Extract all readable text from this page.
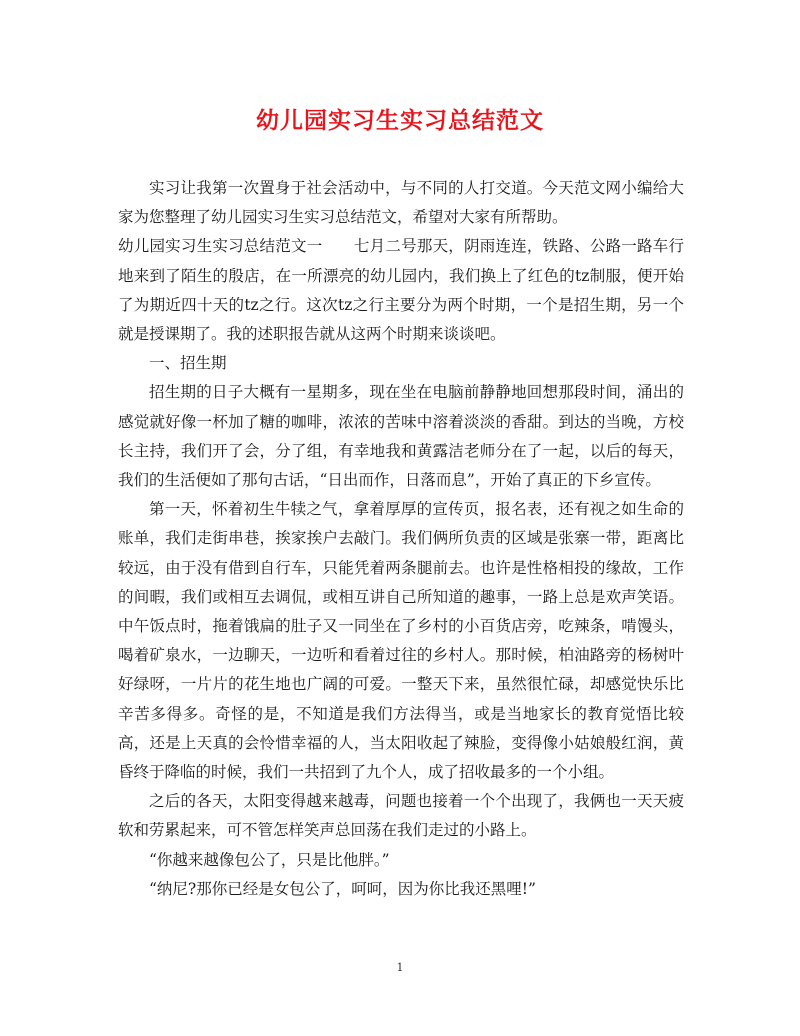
幼儿园实习生实习总结范文

实习让我第一次置身于社会活动中，与不同的人打交道。今天范文网小编给大家为您整理了幼儿园实习生实习总结范文，希望对大家有所帮助。

幼儿园实习生实习总结范文一　　七月二号那天，阴雨连连，铁路、公路一路车行地来到了陌生的殷店，在一所漂亮的幼儿园内，我们换上了红色的tz制服，便开始了为期近四十天的tz之行。这次tz之行主要分为两个时期，一个是招生期，另一个就是授课期了。我的述职报告就从这两个时期来谈谈吧。

一、招生期

招生期的日子大概有一星期多，现在坐在电脑前静静地回想那段时间，涌出的感觉就好像一杯加了糖的咖啡，浓浓的苦味中溶着淡淡的香甜。到达的当晚，方校长主持，我们开了会，分了组，有幸地我和黄露洁老师分在了一起，以后的每天，我们的生活便如了那句古话，“日出而作，日落而息”，开始了真正的下乡宣传。

第一天，怀着初生牛犊之气，拿着厚厚的宣传页，报名表，还有视之如生命的账单，我们走街串巷，挨家挨户去敲门。我们俩所负责的区域是张寨一带，距离比较远，由于没有借到自行车，只能凭着两条腿前去。也许是性格相投的缘故，工作的间暇，我们或相互去调侃，或相互讲自己所知道的趣事，一路上总是欢声笑语。中午饭点时，拖着饿扁的肚子又一同坐在了乡村的小百货店旁，吃辣条，啃馒头，喝着矿泉水，一边聊天，一边听和看着过往的乡村人。那时候，柏油路旁的杨树叶好绿呀，一片片的花生地也广阔的可爱。一整天下来，虽然很忙碌，却感觉快乐比辛苦多得多。奇怪的是，不知道是我们方法得当，或是当地家长的教育觉悟比较高，还是上天真的会怜惜幸福的人，当太阳收起了辣脸，变得像小姑娘般红润，黄昏终于降临的时候，我们一共招到了九个人，成了招收最多的一个小组。

之后的各天，太阳变得越来越毒，问题也接着一个个出现了，我俩也一天天疲软和劳累起来，可不管怎样笑声总回荡在我们走过的小路上。

“你越来越像包公了，只是比他胖。”

“纳尼?那你已经是女包公了，呵呵，因为你比我还黑哩!”

1
